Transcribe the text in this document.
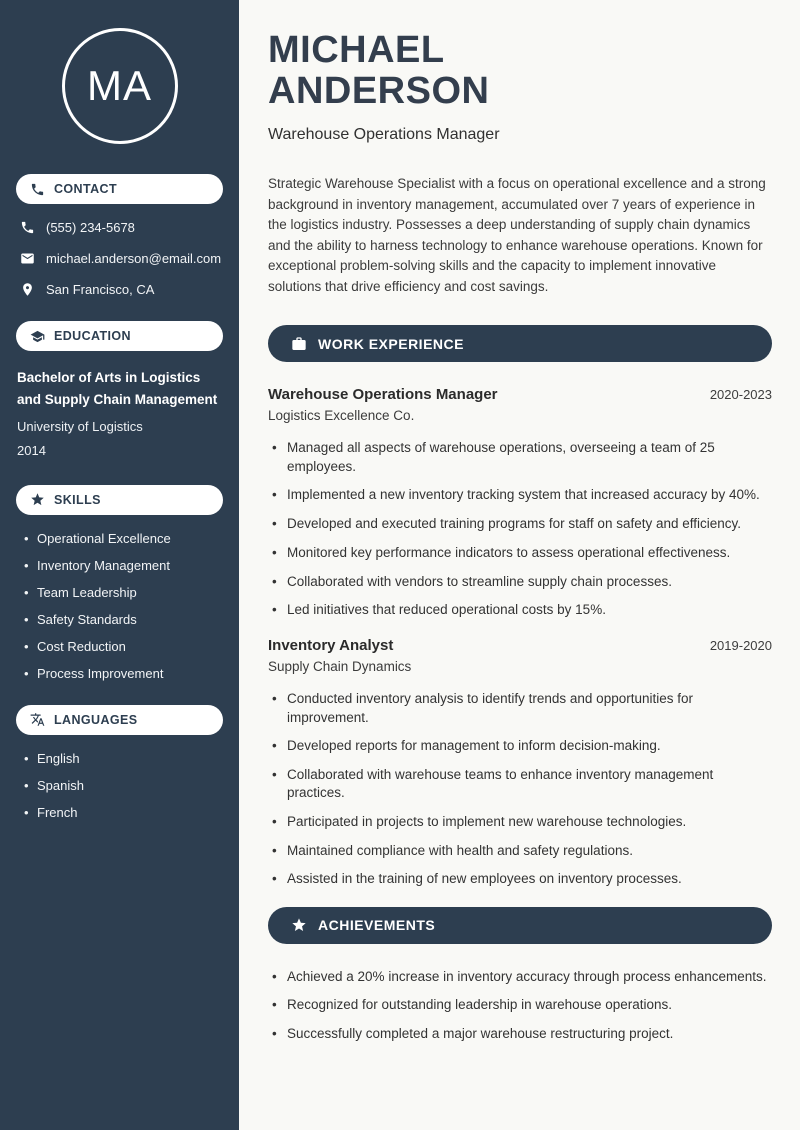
MA
CONTACT
(555) 234-5678
michael.anderson@email.com
San Francisco, CA
EDUCATION

Bachelor of Arts in Logistics and Supply Chain Management

University of Logistics

2014

SKILLS
• Operational Excellence
• Inventory Management
• Team Leadership
• Safety Standards
• Cost Reduction
• Process Improvement
LANGUAGES
• English
• Spanish
• French
MICHAEL
ANDERSON

Warehouse Operations Manager

Strategic Warehouse Specialist with a focus on operational excellence and a strong background in inventory management, accumulated over 7 years of experience in the logistics industry. Possesses a deep understanding of supply chain dynamics and the ability to harness technology to enhance warehouse operations. Known for exceptional problem-solving skills and the capacity to implement innovative solutions that drive efficiency and cost savings.

WORK EXPERIENCE
Warehouse Operations Manager	2020-2023

Logistics Excellence Co.

• Managed all aspects of warehouse operations, overseeing a team of 25 employees.
• Implemented a new inventory tracking system that increased accuracy by 40%.
• Developed and executed training programs for staff on safety and efficiency.
• Monitored key performance indicators to assess operational effectiveness.
• Collaborated with vendors to streamline supply chain processes.
• Led initiatives that reduced operational costs by 15%.
Inventory Analyst	2019-2020

Supply Chain Dynamics

• Conducted inventory analysis to identify trends and opportunities for improvement.
• Developed reports for management to inform decision-making.
• Collaborated with warehouse teams to enhance inventory management practices.
• Participated in projects to implement new warehouse technologies.
• Maintained compliance with health and safety regulations.
• Assisted in the training of new employees on inventory processes.
ACHIEVEMENTS
• Achieved a 20% increase in inventory accuracy through process enhancements.
• Recognized for outstanding leadership in warehouse operations.
• Successfully completed a major warehouse restructuring project.
